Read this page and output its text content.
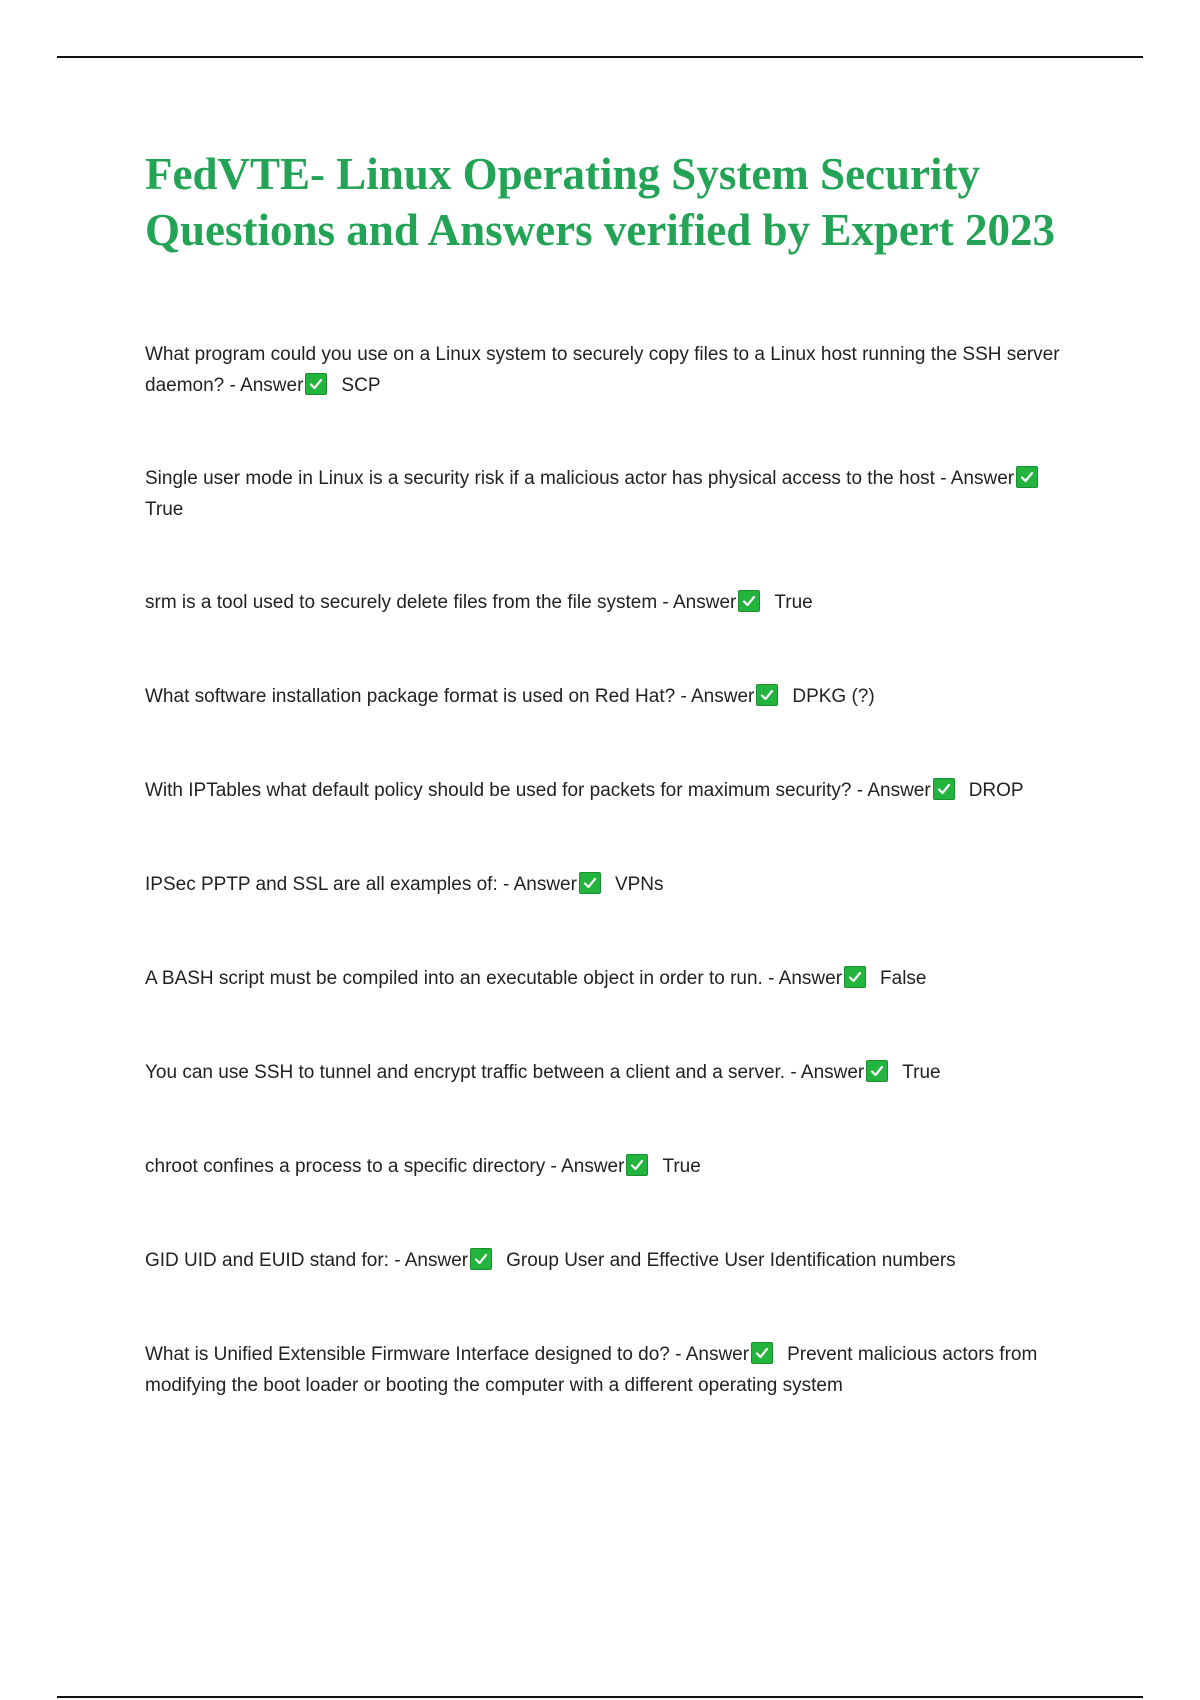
FedVTE- Linux Operating System Security Questions and Answers verified by Expert 2023

What program could you use on a Linux system to securely copy files to a Linux host running the SSH server daemon? - Answer SCP

Single user mode in Linux is a security risk if a malicious actor has physical access to the host - Answer
True

srm is a tool used to securely delete files from the file system - Answer True

What software installation package format is used on Red Hat? - Answer DPKG (?)

With IPTables what default policy should be used for packets for maximum security? - Answer DROP

IPSec PPTP and SSL are all examples of: - Answer VPNs

A BASH script must be compiled into an executable object in order to run. - Answer False

You can use SSH to tunnel and encrypt traffic between a client and a server. - Answer True

chroot confines a process to a specific directory - Answer True

GID UID and EUID stand for: - Answer Group User and Effective User Identification numbers

What is Unified Extensible Firmware Interface designed to do? - Answer Prevent malicious actors from modifying the boot loader or booting the computer with a different operating system
